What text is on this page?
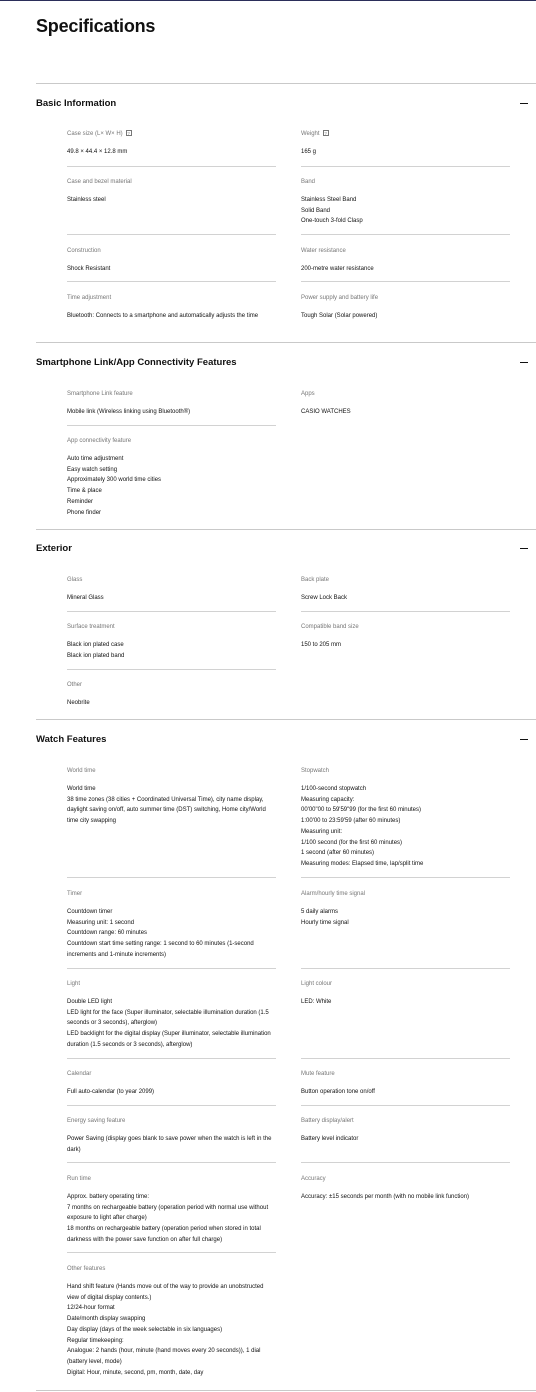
Specifications
Basic Information
Case size (L× W× H) ?
49.8 × 44.4 × 12.8 mm
Weight ?
165 g
Case and bezel material
Stainless steel
Band
Stainless Steel Band
Solid Band
One-touch 3-fold Clasp
Construction
Shock Resistant
Water resistance
200-metre water resistance
Time adjustment
Bluetooth: Connects to a smartphone and automatically adjusts the time
Power supply and battery life
Tough Solar (Solar powered)
Smartphone Link/App Connectivity Features
Smartphone Link feature
Mobile link (Wireless linking using Bluetooth®)
Apps
CASIO WATCHES
App connectivity feature
Auto time adjustment
Easy watch setting
Approximately 300 world time cities
Time & place
Reminder
Phone finder
Exterior
Glass
Mineral Glass
Back plate
Screw Lock Back
Surface treatment
Black ion plated case
Black ion plated band
Compatible band size
150 to 205 mm
Other
Neobrite
Watch Features
World time
World time
38 time zones (38 cities + Coordinated Universal Time), city name display, daylight saving on/off, auto summer time (DST) switching, Home city/World time city swapping
Stopwatch
1/100-second stopwatch
Measuring capacity:
00'00"00 to 59'59"99 (for the first 60 minutes)
1:00'00 to 23:59'59 (after 60 minutes)
Measuring unit:
1/100 second (for the first 60 minutes)
1 second (after 60 minutes)
Measuring modes: Elapsed time, lap/split time
Timer
Countdown timer
Measuring unit: 1 second
Countdown range: 60 minutes
Countdown start time setting range: 1 second to 60 minutes (1-second increments and 1-minute increments)
Alarm/hourly time signal
5 daily alarms
Hourly time signal
Light
Double LED light
LED light for the face (Super illuminator, selectable illumination duration (1.5 seconds or 3 seconds), afterglow)
LED backlight for the digital display (Super illuminator, selectable illumination duration (1.5 seconds or 3 seconds), afterglow)
Light colour
LED: White
Calendar
Full auto-calendar (to year 2099)
Mute feature
Button operation tone on/off
Energy saving feature
Power Saving (display goes blank to save power when the watch is left in the dark)
Battery display/alert
Battery level indicator
Run time
Approx. battery operating time:
7 months on rechargeable battery (operation period with normal use without exposure to light after charge)
18 months on rechargeable battery (operation period when stored in total darkness with the power save function on after full charge)
Accuracy
Accuracy: ±15 seconds per month (with no mobile link function)
Other features
Hand shift feature (Hands move out of the way to provide an unobstructed view of digital display contents.)
12/24-hour format
Date/month display swapping
Day display (days of the week selectable in six languages)
Regular timekeeping:
Analogue: 2 hands (hour, minute (hand moves every 20 seconds)), 1 dial (battery level, mode)
Digital: Hour, minute, second, pm, month, date, day
